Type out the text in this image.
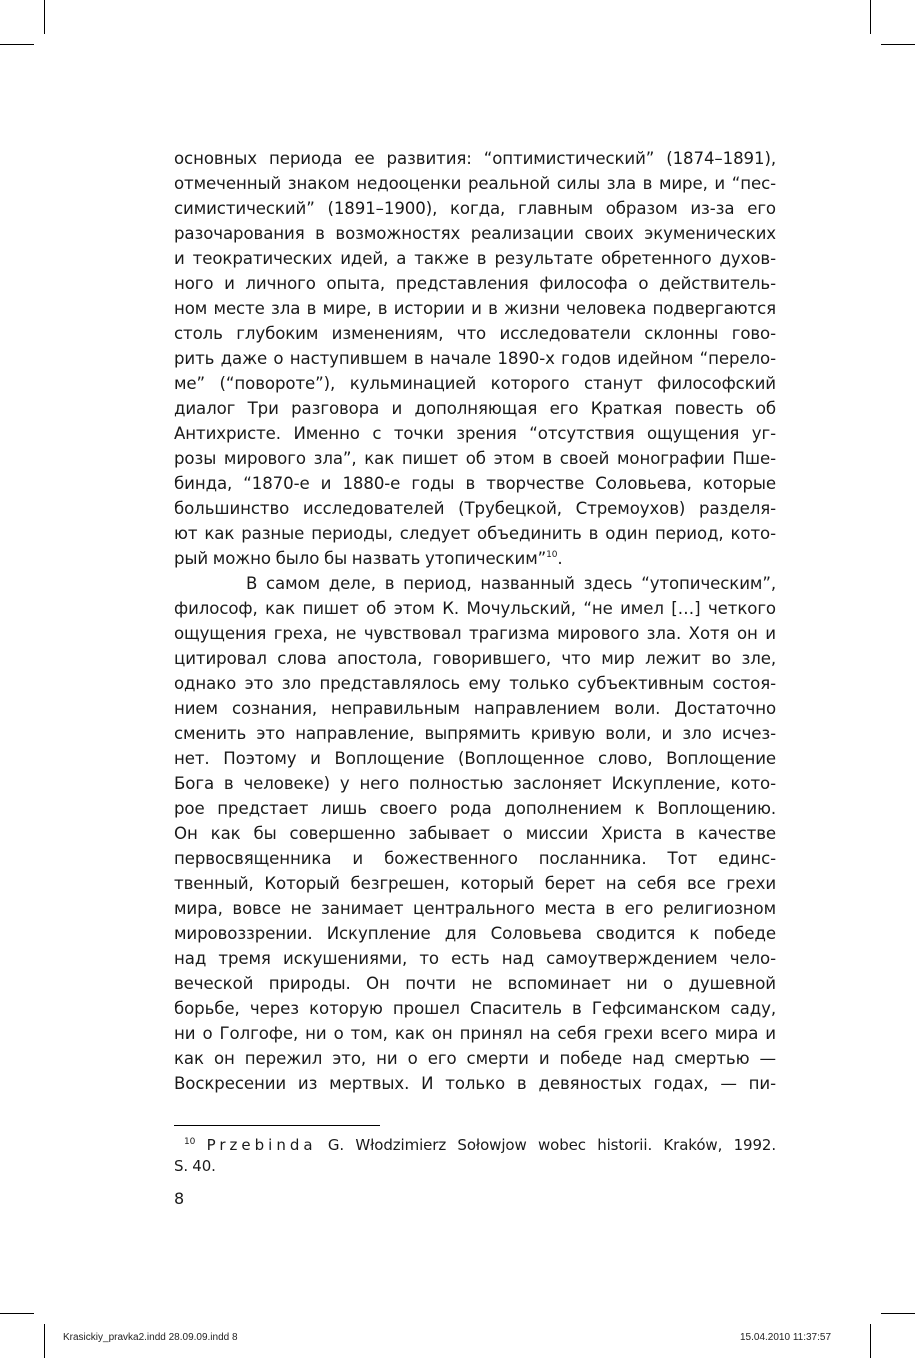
основных периода ее развития: “оптимистический” (1874–1891),
отмеченный знаком недооценки реальной силы зла в мире, и “пес-
симистический” (1891–1900), когда, главным образом из-за его
разочарования в возможностях реализации своих экуменических
и теократических идей, а также в результате обретенного духов-
ного и личного опыта, представления философа о действитель-
ном месте зла в мире, в истории и в жизни человека подвергаются
столь глубоким изменениям, что исследователи склонны гово-
рить даже о наступившем в начале 1890-х годов идейном “перело-
ме” (“повороте”), кульминацией которого станут философский
диалог Три разговора и дополняющая его Краткая повесть об
Антихристе. Именно с точки зрения “отсутствия ощущения уг-
розы мирового зла”, как пишет об этом в своей монографии Пше-
бинда, “1870-е и 1880-е годы в творчестве Соловьева, которые
большинство исследователей (Трубецкой, Стремоухов) разделя-
ют как разные периоды, следует объединить в один период, кото-
рый можно было бы назвать утопическим”$^{10}$.
В самом деле, в период, названный здесь “утопическим”,
философ, как пишет об этом К. Мочульский, “не имел […] четкого
ощущения греха, не чувствовал трагизма мирового зла. Хотя он и
цитировал слова апостола, говорившего, что мир лежит во зле,
однако это зло представлялось ему только субъективным состоя-
нием сознания, неправильным направлением воли. Достаточно
сменить это направление, выпрямить кривую воли, и зло исчез-
нет. Поэтому и Воплощение (Воплощенное слово, Воплощение
Бога в человеке) у него полностью заслоняет Искупление, кото-
рое предстает лишь своего рода дополнением к Воплощению.
Он как бы совершенно забывает о миссии Христа в качестве
первосвященника и божественного посланника. Тот единс-
твенный, Который безгрешен, который берет на себя все грехи
мира, вовсе не занимает центрального места в его религиозном
мировоззрении. Искупление для Соловьева сводится к победе
над тремя искушениями, то есть над самоутверждением чело-
веческой природы. Он почти не вспоминает ни о душевной
борьбе, через которую прошел Спаситель в Гефсиманском саду,
ни о Голгофе, ни о том, как он принял на себя грехи всего мира и
как он пережил это, ни о его смерти и победе над смертью —
Воскресении из мертвых. И только в девяностых годах, — пи-
$^{10}$ Przebinda G. Włodzimierz Sołowjow wobec historii. Kraków, 1992.
S. 40.
8
Krasickiy_pravka2.indd 28.09.09.indd 8	15.04.2010 11:37:57
